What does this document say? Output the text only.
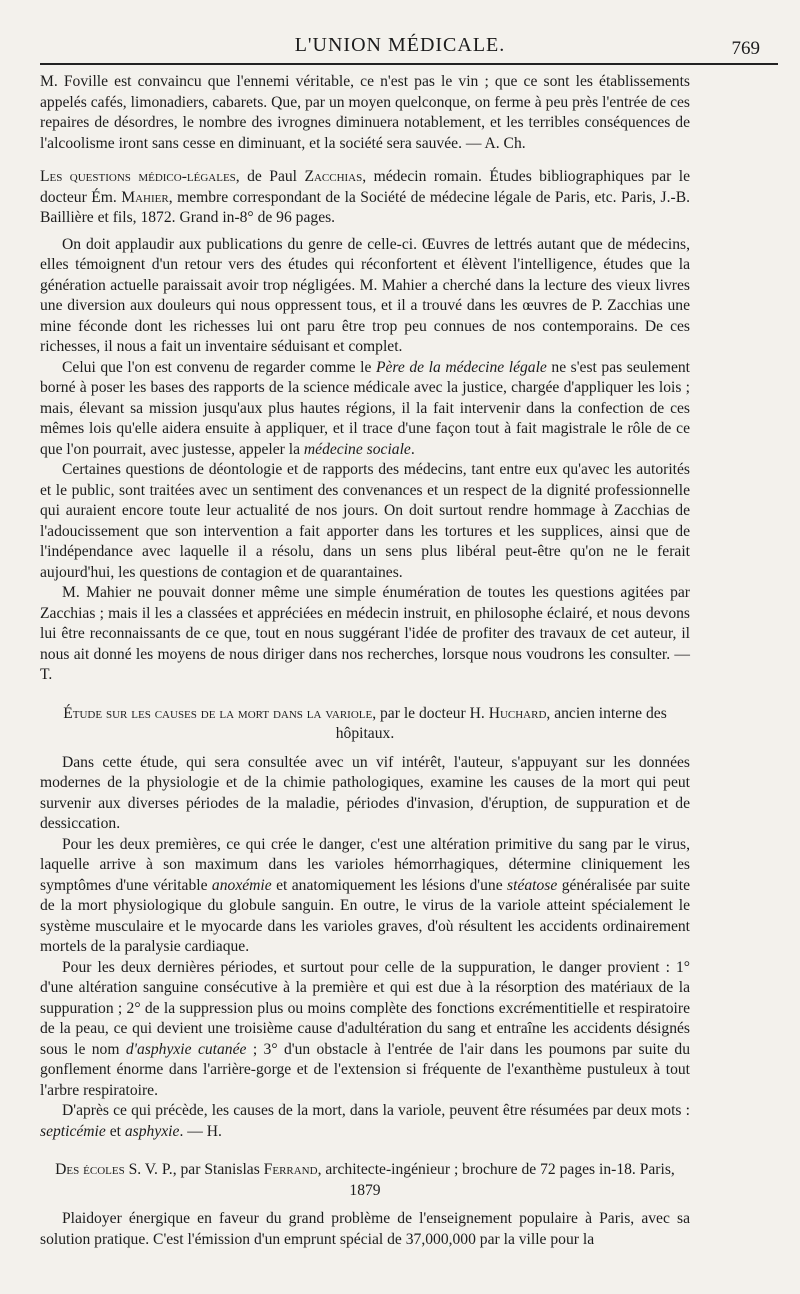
L'UNION MÉDICALE.	769

M. Foville est convaincu que l'ennemi véritable, ce n'est pas le vin ; que ce sont les établissements appelés cafés, limonadiers, cabarets. Que, par un moyen quelconque, on ferme à peu près l'entrée de ces repaires de désordres, le nombre des ivrognes diminuera notablement, et les terribles conséquences de l'alcoolisme iront sans cesse en diminuant, et la société sera sauvée. — A. Ch.

Les questions médico-légales, de Paul Zacchias, médecin romain. Études bibliographiques par le docteur Ém. Mahier, membre correspondant de la Société de médecine légale de Paris, etc. Paris, J.-B. Baillière et fils, 1872. Grand in-8° de 96 pages.

On doit applaudir aux publications du genre de celle-ci. Œuvres de lettrés autant que de médecins, elles témoignent d'un retour vers des études qui réconfortent et élèvent l'intelligence, études que la génération actuelle paraissait avoir trop négligées. M. Mahier a cherché dans la lecture des vieux livres une diversion aux douleurs qui nous oppressent tous, et il a trouvé dans les œuvres de P. Zacchias une mine féconde dont les richesses lui ont paru être trop peu connues de nos contemporains. De ces richesses, il nous a fait un inventaire séduisant et complet.

Celui que l'on est convenu de regarder comme le Père de la médecine légale ne s'est pas seulement borné à poser les bases des rapports de la science médicale avec la justice, chargée d'appliquer les lois ; mais, élevant sa mission jusqu'aux plus hautes régions, il la fait intervenir dans la confection de ces mêmes lois qu'elle aidera ensuite à appliquer, et il trace d'une façon tout à fait magistrale le rôle de ce que l'on pourrait, avec justesse, appeler la médecine sociale.

Certaines questions de déontologie et de rapports des médecins, tant entre eux qu'avec les autorités et le public, sont traitées avec un sentiment des convenances et un respect de la dignité professionnelle qui auraient encore toute leur actualité de nos jours. On doit surtout rendre hommage à Zacchias de l'adoucissement que son intervention a fait apporter dans les tortures et les supplices, ainsi que de l'indépendance avec laquelle il a résolu, dans un sens plus libéral peut-être qu'on ne le ferait aujourd'hui, les questions de contagion et de quarantaines.

M. Mahier ne pouvait donner même une simple énumération de toutes les questions agitées par Zacchias ; mais il les a classées et appréciées en médecin instruit, en philosophe éclairé, et nous devons lui être reconnaissants de ce que, tout en nous suggérant l'idée de profiter des travaux de cet auteur, il nous ait donné les moyens de nous diriger dans nos recherches, lorsque nous voudrons les consulter. — T.

Étude sur les causes de la mort dans la variole, par le docteur H. Huchard, ancien interne des hôpitaux.

Dans cette étude, qui sera consultée avec un vif intérêt, l'auteur, s'appuyant sur les données modernes de la physiologie et de la chimie pathologiques, examine les causes de la mort qui peut survenir aux diverses périodes de la maladie, périodes d'invasion, d'éruption, de suppuration et de dessiccation.

Pour les deux premières, ce qui crée le danger, c'est une altération primitive du sang par le virus, laquelle arrive à son maximum dans les varioles hémorrhagiques, détermine cliniquement les symptômes d'une véritable anoxémie et anatomiquement les lésions d'une stéatose généralisée par suite de la mort physiologique du globule sanguin. En outre, le virus de la variole atteint spécialement le système musculaire et le myocarde dans les varioles graves, d'où résultent les accidents ordinairement mortels de la paralysie cardiaque.

Pour les deux dernières périodes, et surtout pour celle de la suppuration, le danger provient : 1° d'une altération sanguine consécutive à la première et qui est due à la résorption des matériaux de la suppuration ; 2° de la suppression plus ou moins complète des fonctions excrémentitielle et respiratoire de la peau, ce qui devient une troisième cause d'adultération du sang et entraîne les accidents désignés sous le nom d'asphyxie cutanée ; 3° d'un obstacle à l'entrée de l'air dans les poumons par suite du gonflement énorme dans l'arrière-gorge et de l'extension si fréquente de l'exanthème pustuleux à tout l'arbre respiratoire.

D'après ce qui précède, les causes de la mort, dans la variole, peuvent être résumées par deux mots : septicémie et asphyxie. — H.

Des écoles S. V. P., par Stanislas Ferrand, architecte-ingénieur ; brochure de 72 pages in-18. Paris, 1879

Plaidoyer énergique en faveur du grand problème de l'enseignement populaire à Paris, avec sa solution pratique. C'est l'émission d'un emprunt spécial de 37,000,000 par la ville pour la
